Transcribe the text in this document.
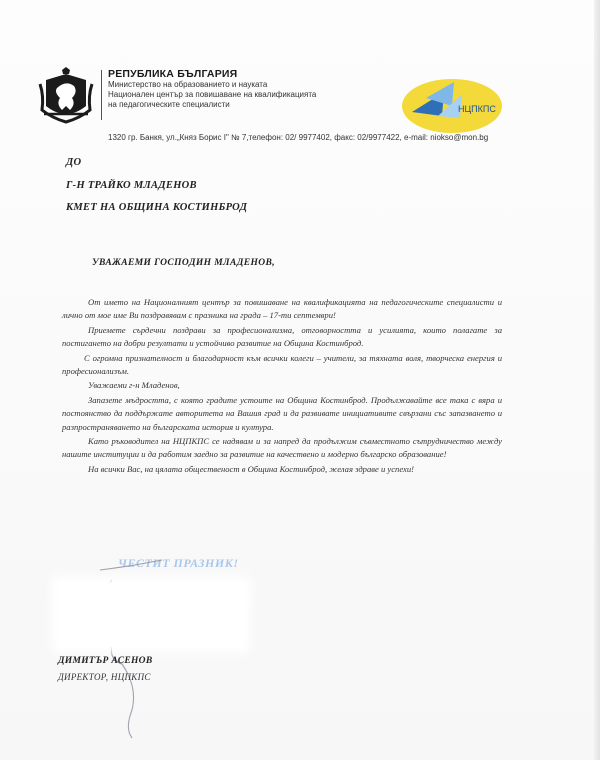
РЕПУБЛИКА БЪЛГАРИЯ
Министерство на образованието и науката
Национален център за повишаване на квалификацията
на педагогическите специалисти	НЦПКПС
1320 гр. Банкя, ул.„Княз Борис I" № 7,телефон: 02/ 9977402, факс: 02/9977422, e-mail: niokso@mon.bg
ДО
Г-Н ТРАЙКО МЛАДЕНОВ
КМЕТ НА ОБЩИНА КОСТИНБРОД
УВАЖАЕМИ ГОСПОДИН МЛАДЕНОВ,

От името на Националният център за повишаване на квалификацията на педагогическите специалисти и лично от мое име Ви поздравявам с празника на града – 17-ти септември!

Приемете сърдечни поздрави за професионализма, отговорността и усилията, които полагате за постигането на добри резултати и устойчиво развитие на Община Костинброд.

С огромна признателност и благодарност към всички колеги – учители, за тяхната воля, творческа енергия и професионализъм.

Уважаеми г-н Младенов,

Запазете мъдростта, с която градите устоите на Община Костинброд. Продължавайте все така с вяра и постоянство да поддържате авторитета на Вашия град и да развивате инициативите свързани със запазването и разпространяването на българската история и култура.

Като ръководител на НЦПКПС се надявам и за напред да продължим съвместното сътрудничество между нашите институции и да работим заедно за развитие на качествено и модерно българско образование!

На всички Вас, на цялата общественост в Община Костинброд, желая здраве и успехи!

ЧЕСТИТ ПРАЗНИК!
ДИМИТЪР АСЕНОВ
ДИРЕКТОР, НЦПКПС
